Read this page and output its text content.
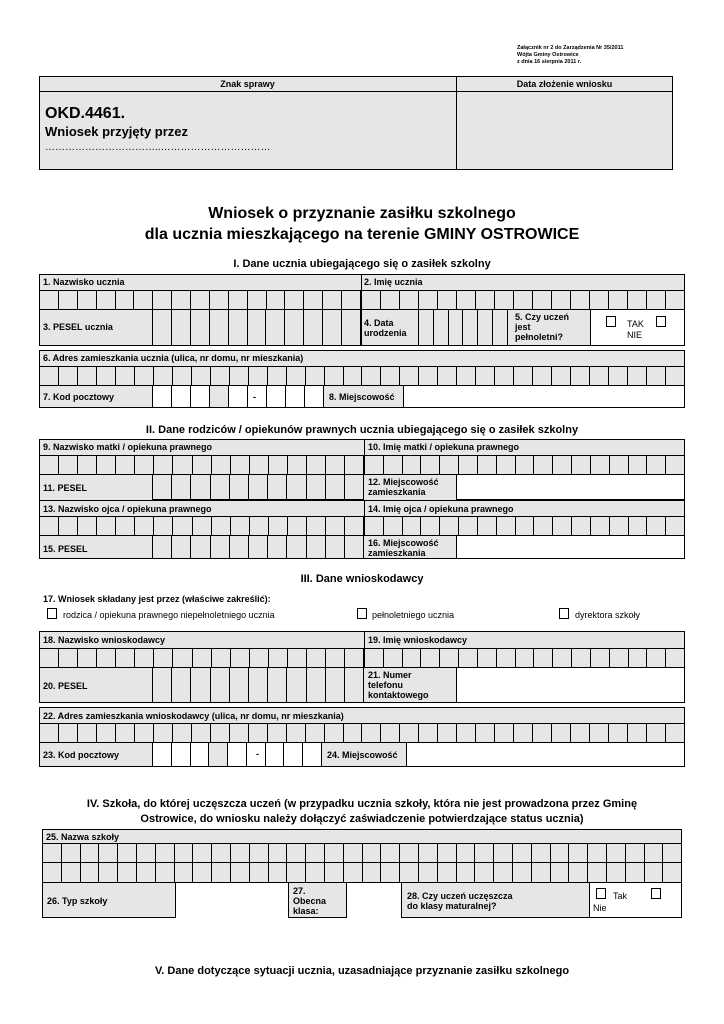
Załącznik nr 2 do Zarządzenia Nr 35/2011
Wójta Gminy Ostrowice
z dnia 16 sierpnia 2011 r.
Znak sprawy	Data złożenie wniosku
OKD.4461.
Wniosek przyjęty przez
……………………………..……………………………
Wniosek o przyznanie zasiłku szkolnego
dla ucznia mieszkającego na terenie GMINY OSTROWICE
I. Dane ucznia ubiegającego się o zasiłek szkolny
1. Nazwisko ucznia	2. Imię ucznia
3. PESEL ucznia	4. Data
urodzenia
5. Czy uczeń
jest
pełnoletni?
TAK
NIE
6. Adres zamieszkania ucznia (ulica, nr domu, nr mieszkania)
7. Kod pocztowy	-	8. Miejscowość
II. Dane rodziców / opiekunów prawnych ucznia ubiegającego się o zasiłek szkolny
9. Nazwisko matki / opiekuna prawnego	10. Imię matki / opiekuna prawnego
11. PESEL
12. Miejscowość
zamieszkania
13. Nazwisko ojca / opiekuna prawnego	14. Imię ojca / opiekuna prawnego
15. PESEL
16. Miejscowość
zamieszkania
III. Dane wnioskodawcy
17. Wniosek składany jest przez (właściwe zakreślić):
rodzica / opiekuna prawnego niepełnoletniego ucznia	pełnoletniego ucznia	dyrektora szkoły
18. Nazwisko wnioskodawcy	19. Imię wnioskodawcy
20. PESEL
21. Numer
telefonu
kontaktowego
22. Adres zamieszkania wnioskodawcy (ulica, nr domu, nr mieszkania)
23. Kod pocztowy	-	24. Miejscowość
IV. Szkoła, do której uczęszcza uczeń (w przypadku ucznia szkoły, która nie jest prowadzona przez Gminę
Ostrowice, do wniosku należy dołączyć zaświadczenie potwierdzające status ucznia)
25. Nazwa szkoły
26. Typ szkoły
27.
Obecna
klasa:
28. Czy uczeń uczęszcza
do klasy maturalnej?
Tak
Nie
V. Dane dotyczące sytuacji ucznia, uzasadniające przyznanie zasiłku szkolnego
